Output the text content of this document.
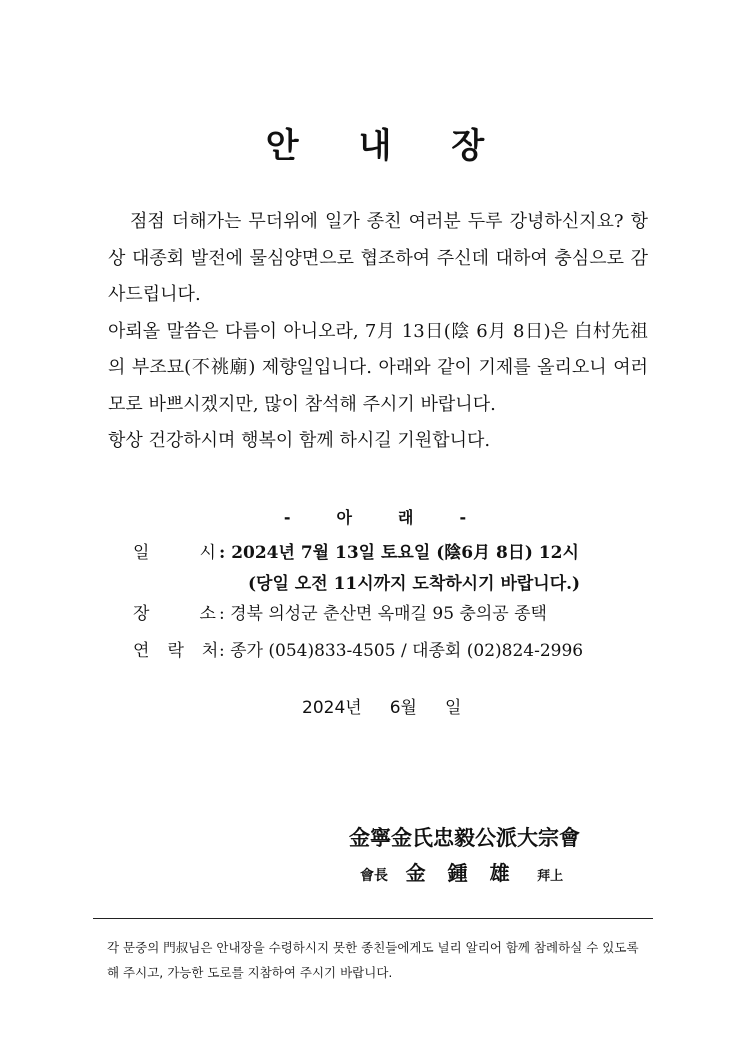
안 내 장

점점 더해가는 무더위에 일가 종친 여러분 두루 강녕하신지요? 항상 대종회 발전에 물심양면으로 협조하여 주신데 대하여 충심으로 감사드립니다.

아뢰올 말씀은 다름이 아니오라, 7月 13日(陰 6月 8日)은 白村先祖의 부조묘(不祧廟) 제향일입니다. 아래와 같이 기제를 올리오니 여러모로 바쁘시겠지만, 많이 참석해 주시기 바랍니다.

항상 건강하시며 행복이 함께 하시길 기원합니다.

-	아	래	-
일	시 : 2024년 7월 13일 토요일 (陰6月 8日) 12시
(당일 오전 11시까지 도착하시기 바랍니다.)
장	소 : 경북 의성군 춘산면 옥매길 95 충의공 종택
연 락 처: 종가 (054)833-4505 / 대종회 (02)824-2996
2024년 6월 일
金寧金氏忠毅公派大宗會
會長 金 鍾 雄 拜上
각 문중의 門叔님은 안내장을 수령하시지 못한 종친들에게도 널리 알리어 함께 참례하실 수 있도록 해 주시고, 가능한 도로를 지참하여 주시기 바랍니다.
